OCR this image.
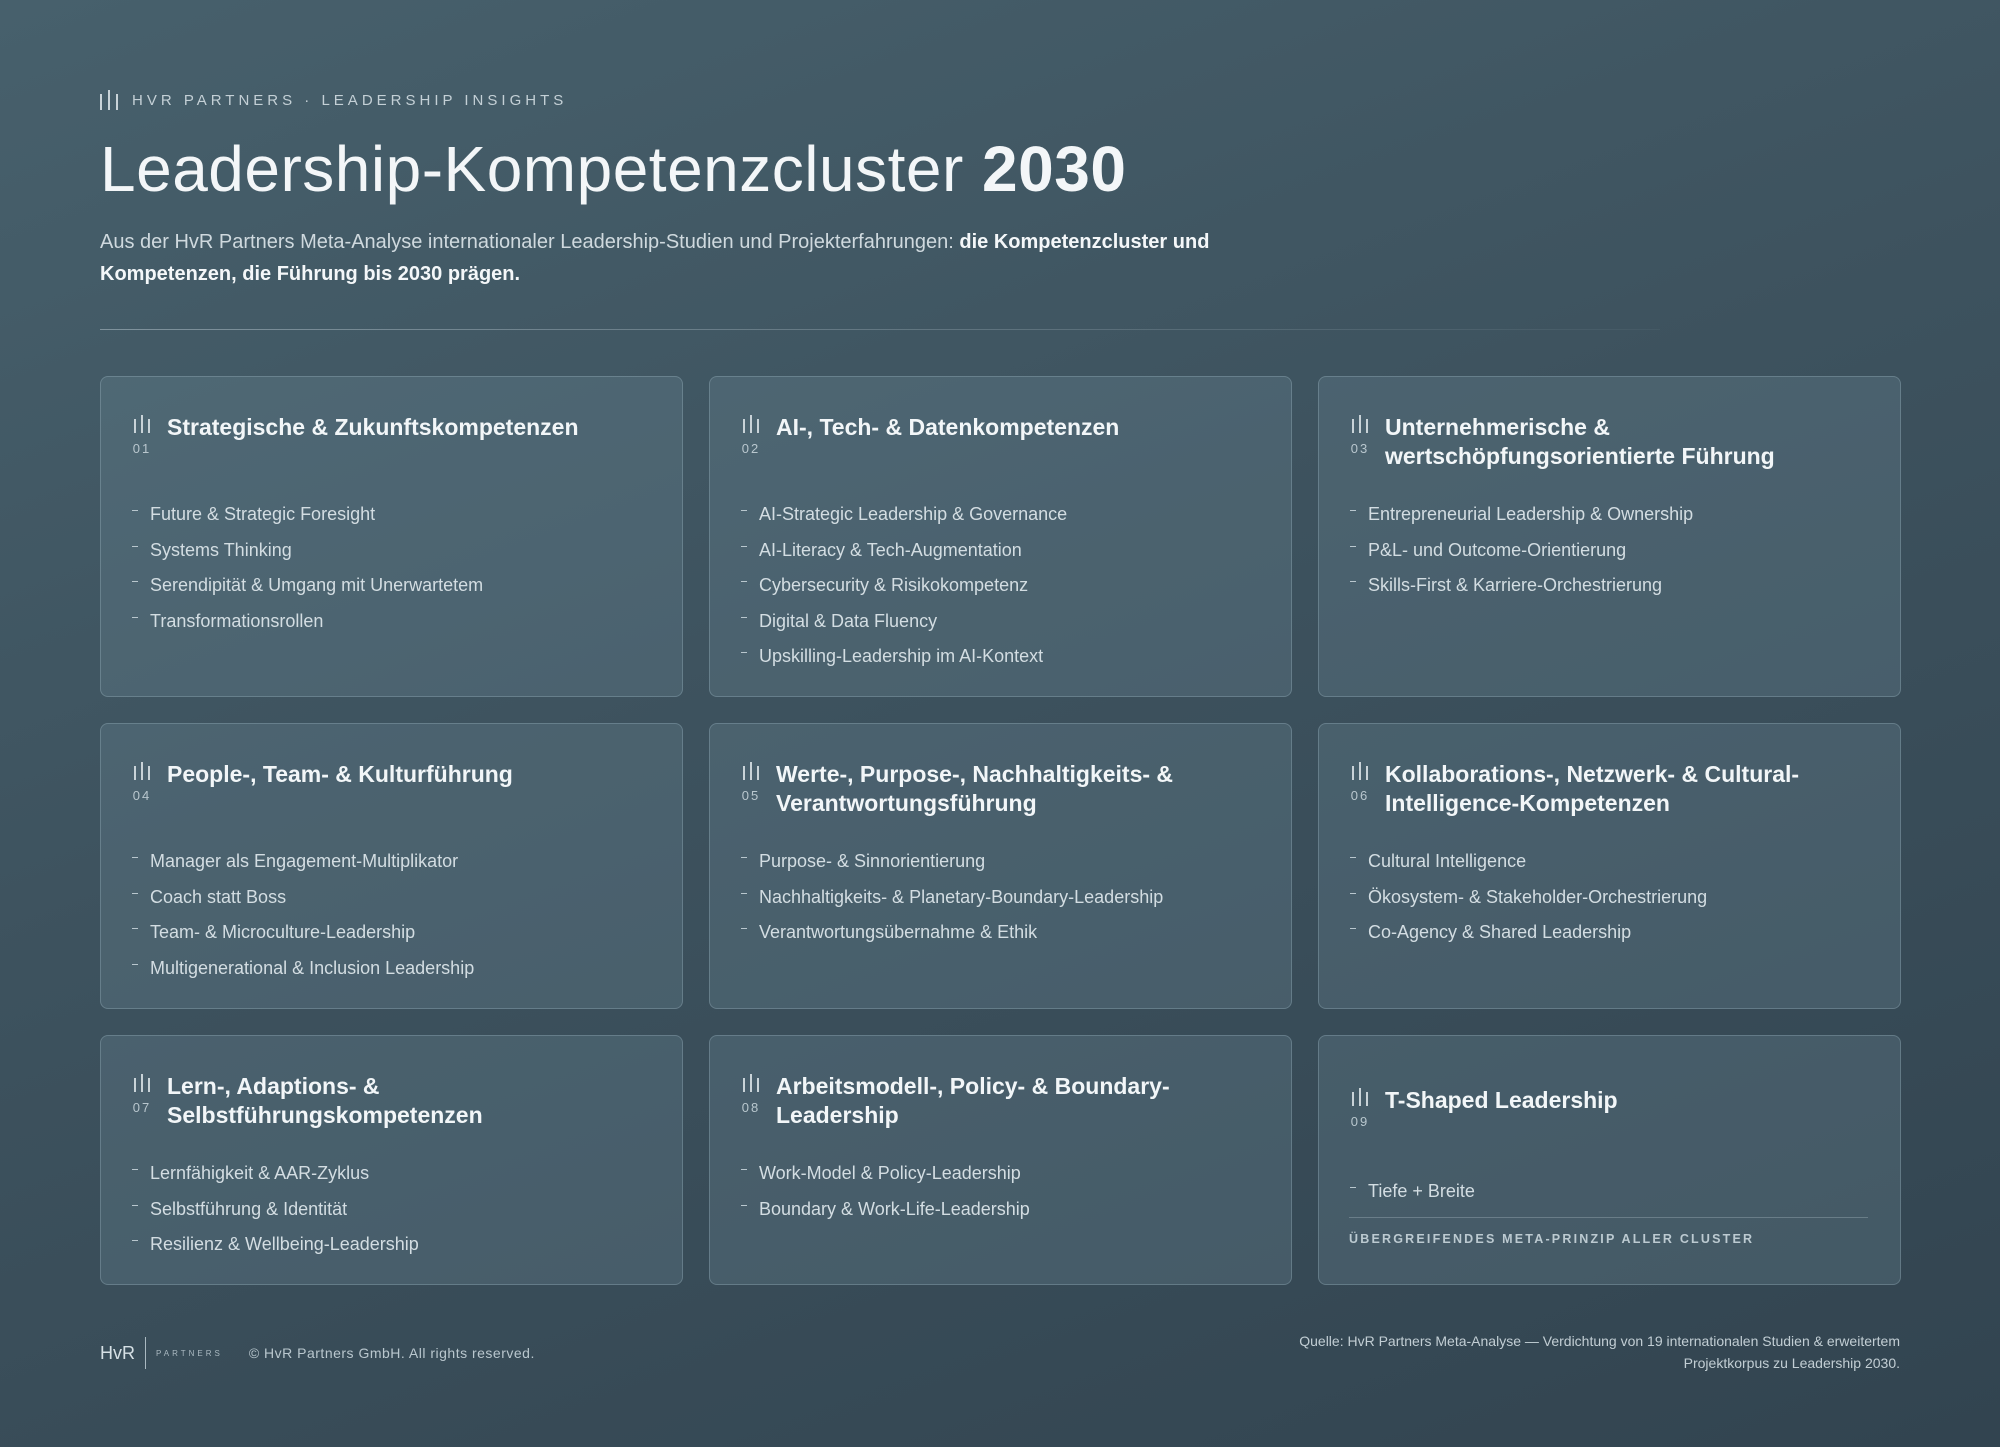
HVR PARTNERS · LEADERSHIP INSIGHTS
Leadership-Kompetenzcluster 2030
Aus der HvR Partners Meta-Analyse internationaler Leadership-Studien und Projekterfahrungen: die Kompetenzcluster und Kompetenzen, die Führung bis 2030 prägen.
01
Strategische & Zukunftskompetenzen
Future & Strategic Foresight
Systems Thinking
Serendipität & Umgang mit Unerwartetem
Transformationsrollen
02
AI-, Tech- & Datenkompetenzen
AI-Strategic Leadership & Governance
AI-Literacy & Tech-Augmentation
Cybersecurity & Risikokompetenz
Digital & Data Fluency
Upskilling-Leadership im AI-Kontext
03
Unternehmerische & wertschöpfungsorientierte Führung
Entrepreneurial Leadership & Ownership
P&L- und Outcome-Orientierung
Skills-First & Karriere-Orchestrierung
04
People-, Team- & Kulturführung
Manager als Engagement-Multiplikator
Coach statt Boss
Team- & Microculture-Leadership
Multigenerational & Inclusion Leadership
05
Werte-, Purpose-, Nachhaltigkeits- & Verantwortungsführung
Purpose- & Sinnorientierung
Nachhaltigkeits- & Planetary-Boundary-Leadership
Verantwortungsübernahme & Ethik
06
Kollaborations-, Netzwerk- & Cultural-Intelligence-Kompetenzen
Cultural Intelligence
Ökosystem- & Stakeholder-Orchestrierung
Co-Agency & Shared Leadership
07
Lern-, Adaptions- & Selbstführungskompetenzen
Lernfähigkeit & AAR-Zyklus
Selbstführung & Identität
Resilienz & Wellbeing-Leadership
08
Arbeitsmodell-, Policy- & Boundary-Leadership
Work-Model & Policy-Leadership
Boundary & Work-Life-Leadership
09
T-Shaped Leadership
Tiefe + Breite
ÜBERGREIFENDES META-PRINZIP ALLER CLUSTER
HvR	PARTNERS © HvR Partners GmbH. All rights reserved.
Quelle: HvR Partners Meta-Analyse — Verdichtung von 19 internationalen Studien & erweitertem Projektkorpus zu Leadership 2030.
